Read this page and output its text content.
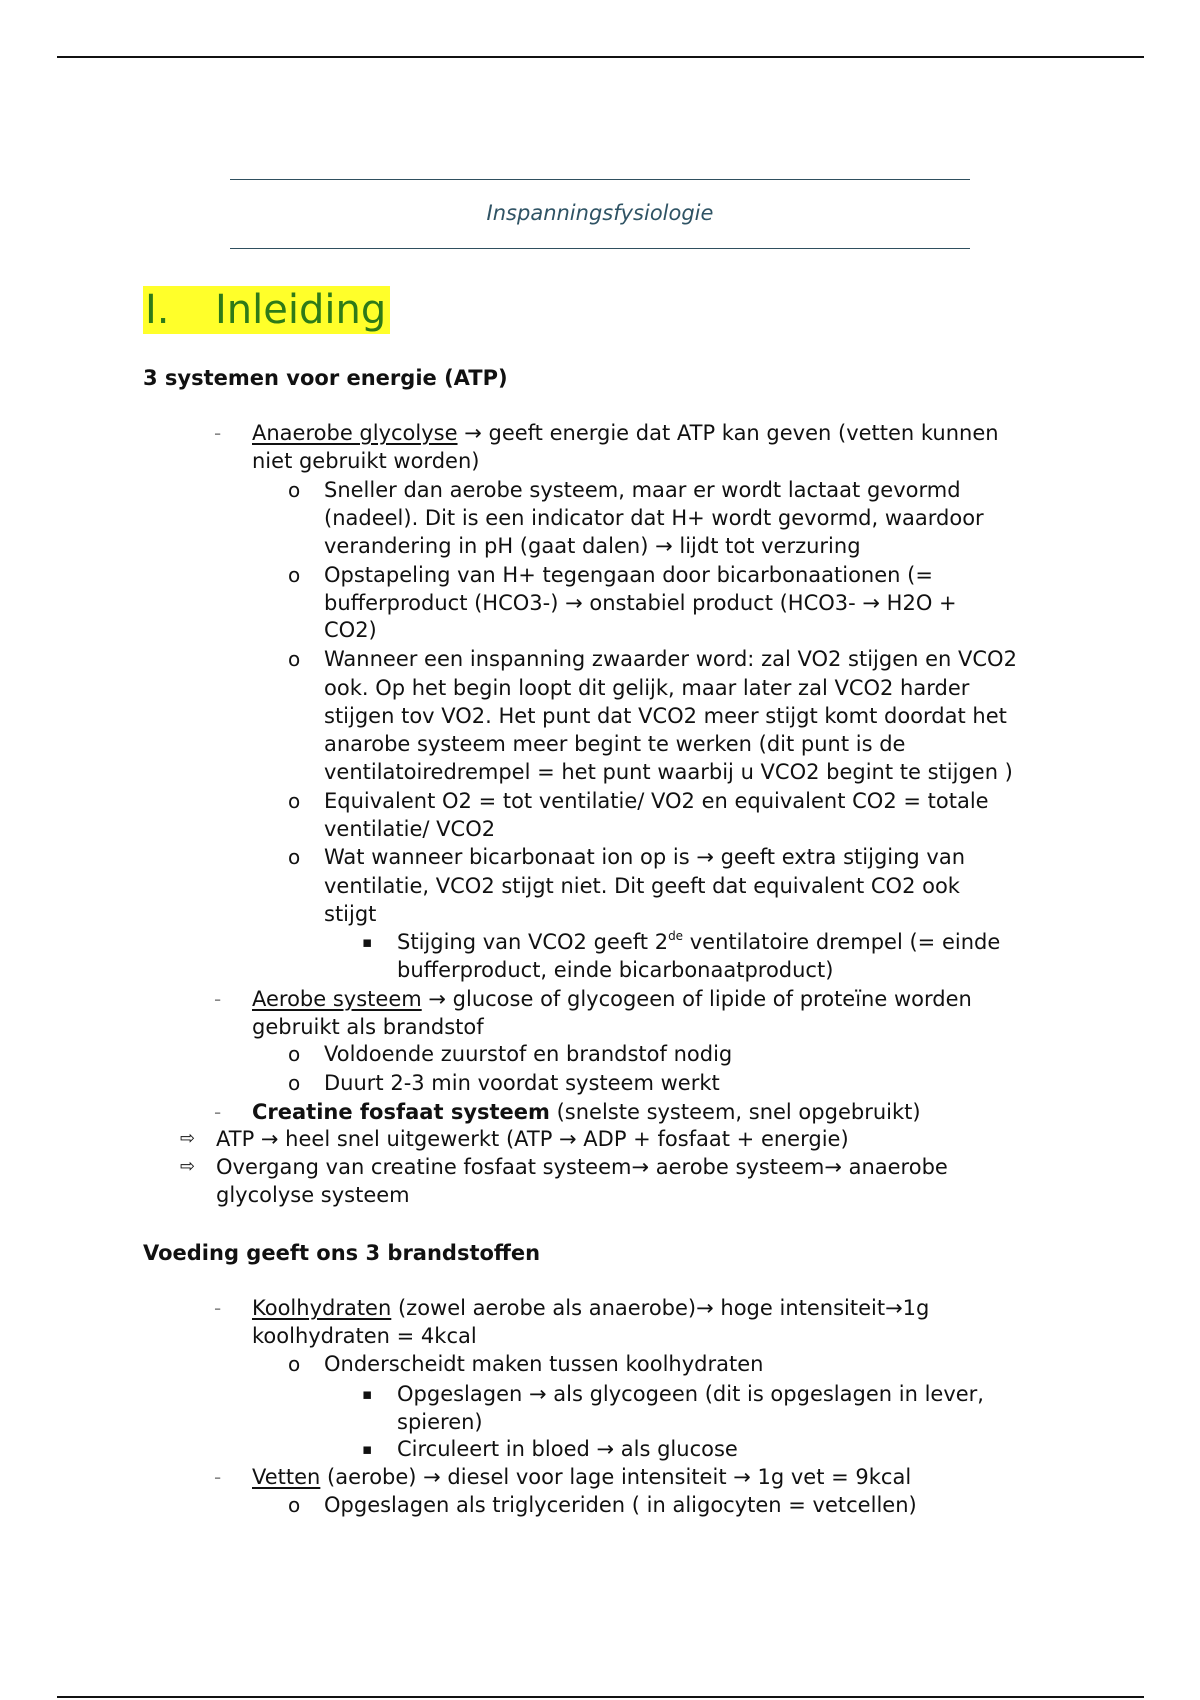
Inspanningsfysiologie
I. Inleiding
3 systemen voor energie (ATP)
- Anaerobe glycolyse → geeft energie dat ATP kan geven (vetten kunnen
niet gebruikt worden)
o Sneller dan aerobe systeem, maar er wordt lactaat gevormd
(nadeel). Dit is een indicator dat H+ wordt gevormd, waardoor
verandering in pH (gaat dalen) → lijdt tot verzuring
o Opstapeling van H+ tegengaan door bicarbonaationen (=
bufferproduct (HCO3-) → onstabiel product (HCO3- → H2O +
CO2)
o Wanneer een inspanning zwaarder word: zal VO2 stijgen en VCO2
ook. Op het begin loopt dit gelijk, maar later zal VCO2 harder
stijgen tov VO2. Het punt dat VCO2 meer stijgt komt doordat het
anarobe systeem meer begint te werken (dit punt is de
ventilatoiredrempel = het punt waarbij u VCO2 begint te stijgen )
o Equivalent O2 = tot ventilatie/ VO2 en equivalent CO2 = totale
ventilatie/ VCO2
o Wat wanneer bicarbonaat ion op is → geeft extra stijging van
ventilatie, VCO2 stijgt niet. Dit geeft dat equivalent CO2 ook
stijgt
▪ Stijging van VCO2 geeft 2de ventilatoire drempel (= einde
bufferproduct, einde bicarbonaatproduct)
- Aerobe systeem → glucose of glycogeen of lipide of proteïne worden
gebruikt als brandstof
o Voldoende zuurstof en brandstof nodig
o Duurt 2-3 min voordat systeem werkt
- Creatine fosfaat systeem (snelste systeem, snel opgebruikt)
⇨ ATP → heel snel uitgewerkt (ATP → ADP + fosfaat + energie)
⇨ Overgang van creatine fosfaat systeem→ aerobe systeem→ anaerobe
glycolyse systeem
Voeding geeft ons 3 brandstoffen
- Koolhydraten (zowel aerobe als anaerobe)→ hoge intensiteit→1g
koolhydraten = 4kcal
o Onderscheidt maken tussen koolhydraten
▪ Opgeslagen → als glycogeen (dit is opgeslagen in lever,
spieren)
▪ Circuleert in bloed → als glucose
- Vetten (aerobe) → diesel voor lage intensiteit → 1g vet = 9kcal
o Opgeslagen als triglyceriden ( in aligocyten = vetcellen)
